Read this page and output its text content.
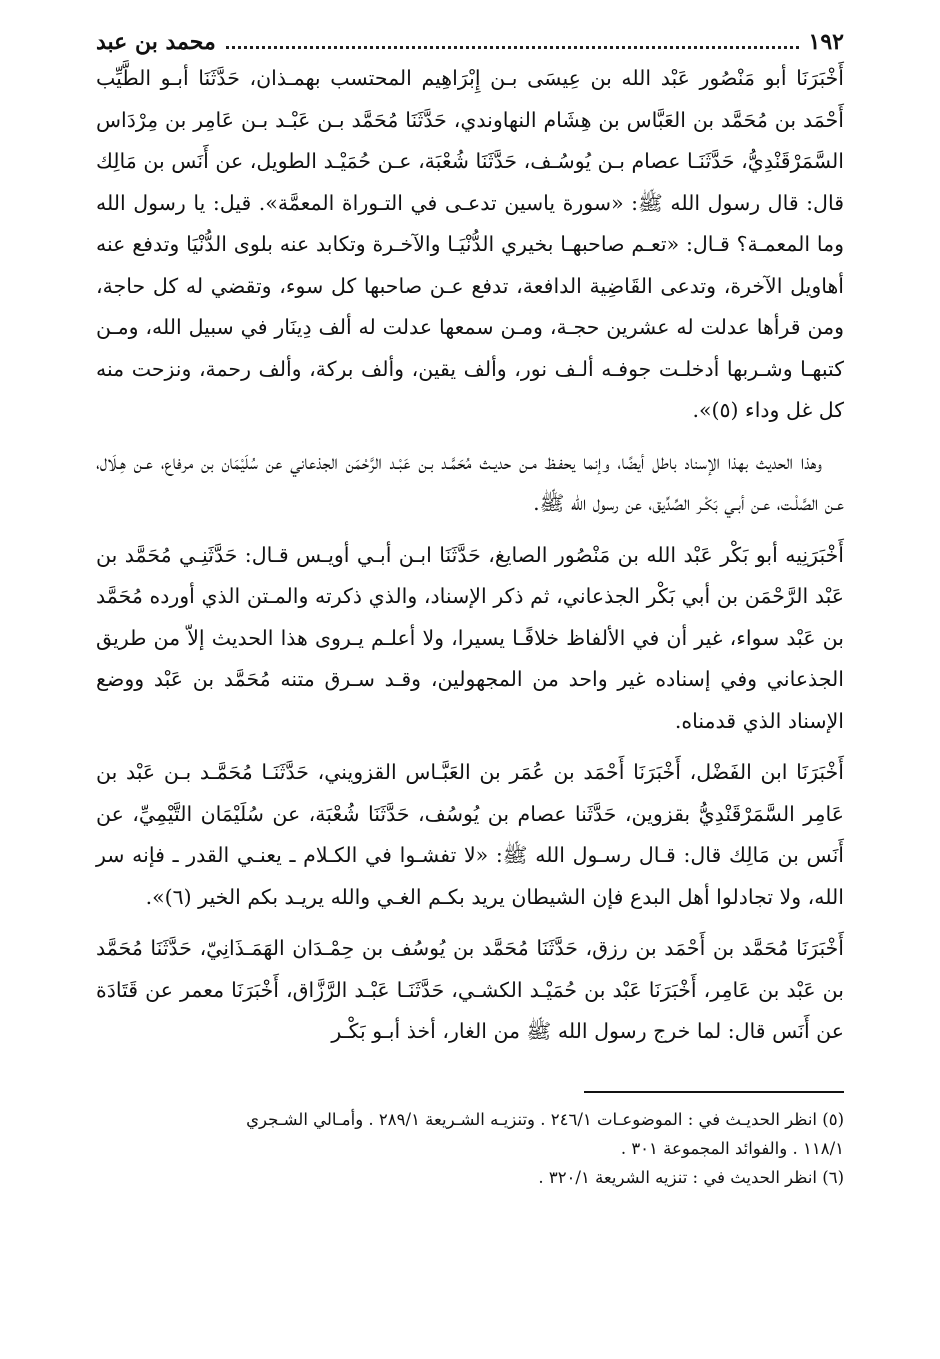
١٩٢
محمد بن عبد

أَخْبَرَنَا أبو مَنْصُور عَبْد الله بن عِيسَى بـن إِبْرَاهِيم المحتسب بهمـذان، حَدَّثَنَا أبـو الطَّيِّب أَحْمَد بن مُحَمَّد بن العَبَّاس بن هِشَام النهاوندي، حَدَّثَنَا مُحَمَّد بـن عَبْـد بـن عَامِر بن مِرْدَاس السَّمَرْقَنْدِيُّ، حَدَّثَنَـا عصام بـن يُوسُـف، حَدَّثَنَا شُعْبَة، عـن حُمَيْـد الطويل، عن أَنَس بن مَالِك قال: قال رسول الله ﷺ: «سورة ياسين تدعـى في التـوراة المعمَّة». قيل: يا رسول الله وما المعمـة؟ قـال: «تعـم صاحبهـا بخيري الدُّنْيَـا والآخـرة وتكابد عنه بلوى الدُّنْيَا وتدفع عنه أهاويل الآخرة، وتدعى القَاضِية الدافعة، تدفع عـن صاحبها كل سوء، وتقضي له كل حاجة، ومن قرأها عدلت له عشرين حجـة، ومـن سمعها عدلت له ألف دِينَار في سبيل الله، ومـن كتبهـا وشـربها أدخلـت جوفـه ألـف نور، وألف يقين، وألف بركة، وألف رحمة، ونزحت منه كل غل وداء (٥)».

وهذا الحديث بهذا الإسناد باطل أيضًا، وإنما يحفـظ مـن حديـث مُحَمَّـد بـن عَبْـد الرَّحْمَن الجذعاني عن سُلَيْمَان بن مرفاع، عـن هِـلَال، عـن الصَّلْـت، عـن أبـي بَكْـر الصِّدِّيق، عن رسول الله ﷺ.

أَخْبَرَنِيه أبو بَكْر عَبْد الله بن مَنْصُور الصايغ، حَدَّثَنَا ابـن أبـي أويـس قـال: حَدَّثَنِـي مُحَمَّد بن عَبْد الرَّحْمَن بن أبي بَكْر الجذعاني، ثم ذكر الإسناد، والذي ذكرته والمـتن الذي أورده مُحَمَّد بن عَبْد سواء، غير أن في الألفاظ خلافًـا يسيرا، ولا أعلـم يـروى هذا الحديث إلاّ من طريق الجذعاني وفي إسناده غير واحد من المجهولين، وقـد سـرق متنه مُحَمَّد بن عَبْد ووضع الإسناد الذي قدمناه.

أَخْبَرَنَا ابن الفَضْل، أَخْبَرَنَا أَحْمَد بن عُمَر بن العَبَّـاس القزويني، حَدَّثَنَـا مُحَمَّـد بـن عَبْد بن عَامِر السَّمَرْقَنْدِيُّ بقزوين، حَدَّثَنا عصام بن يُوسُف، حَدَّثَنَا شُعْبَة، عن سُلَيْمَان التَّيْمِيِّ، عن أَنَس بن مَالِك قال: قـال رسـول الله ﷺ: «لا تفشـوا في الكـلام ـ يعنـي القدر ـ فإنه سر الله، ولا تجادلوا أهل البدع فإن الشيطان يريد بكـم الغـي والله يريـد بكم الخير (٦)».

أَخْبَرَنَا مُحَمَّد بن أَحْمَد بن رزق، حَدَّثَنَا مُحَمَّد بن يُوسُف بن حِمْـدَان الهَمَـذَانِيّ، حَدَّثَنَا مُحَمَّد بن عَبْد بن عَامِر، أَخْبَرَنَا عَبْد بن حُمَيْـد الكشـي، حَدَّثَنَـا عَبْـد الرَّزَّاق، أَخْبَرَنَا معمر عن قَتَادَة عن أَنَس قال: لما خرج رسول الله ﷺ من الغار، أخذ أبـو بَكْـر

(٥) انظر الحديـث في : الموضوعـات ٢٤٦/١ . وتنزيـه الشـريعة ٢٨٩/١ . وأمـالي الشـجري
١١٨/١ . والفوائد المجموعة ٣٠١ .
(٦) انظر الحديث في : تنزيه الشريعة ٣٢٠/١ .
